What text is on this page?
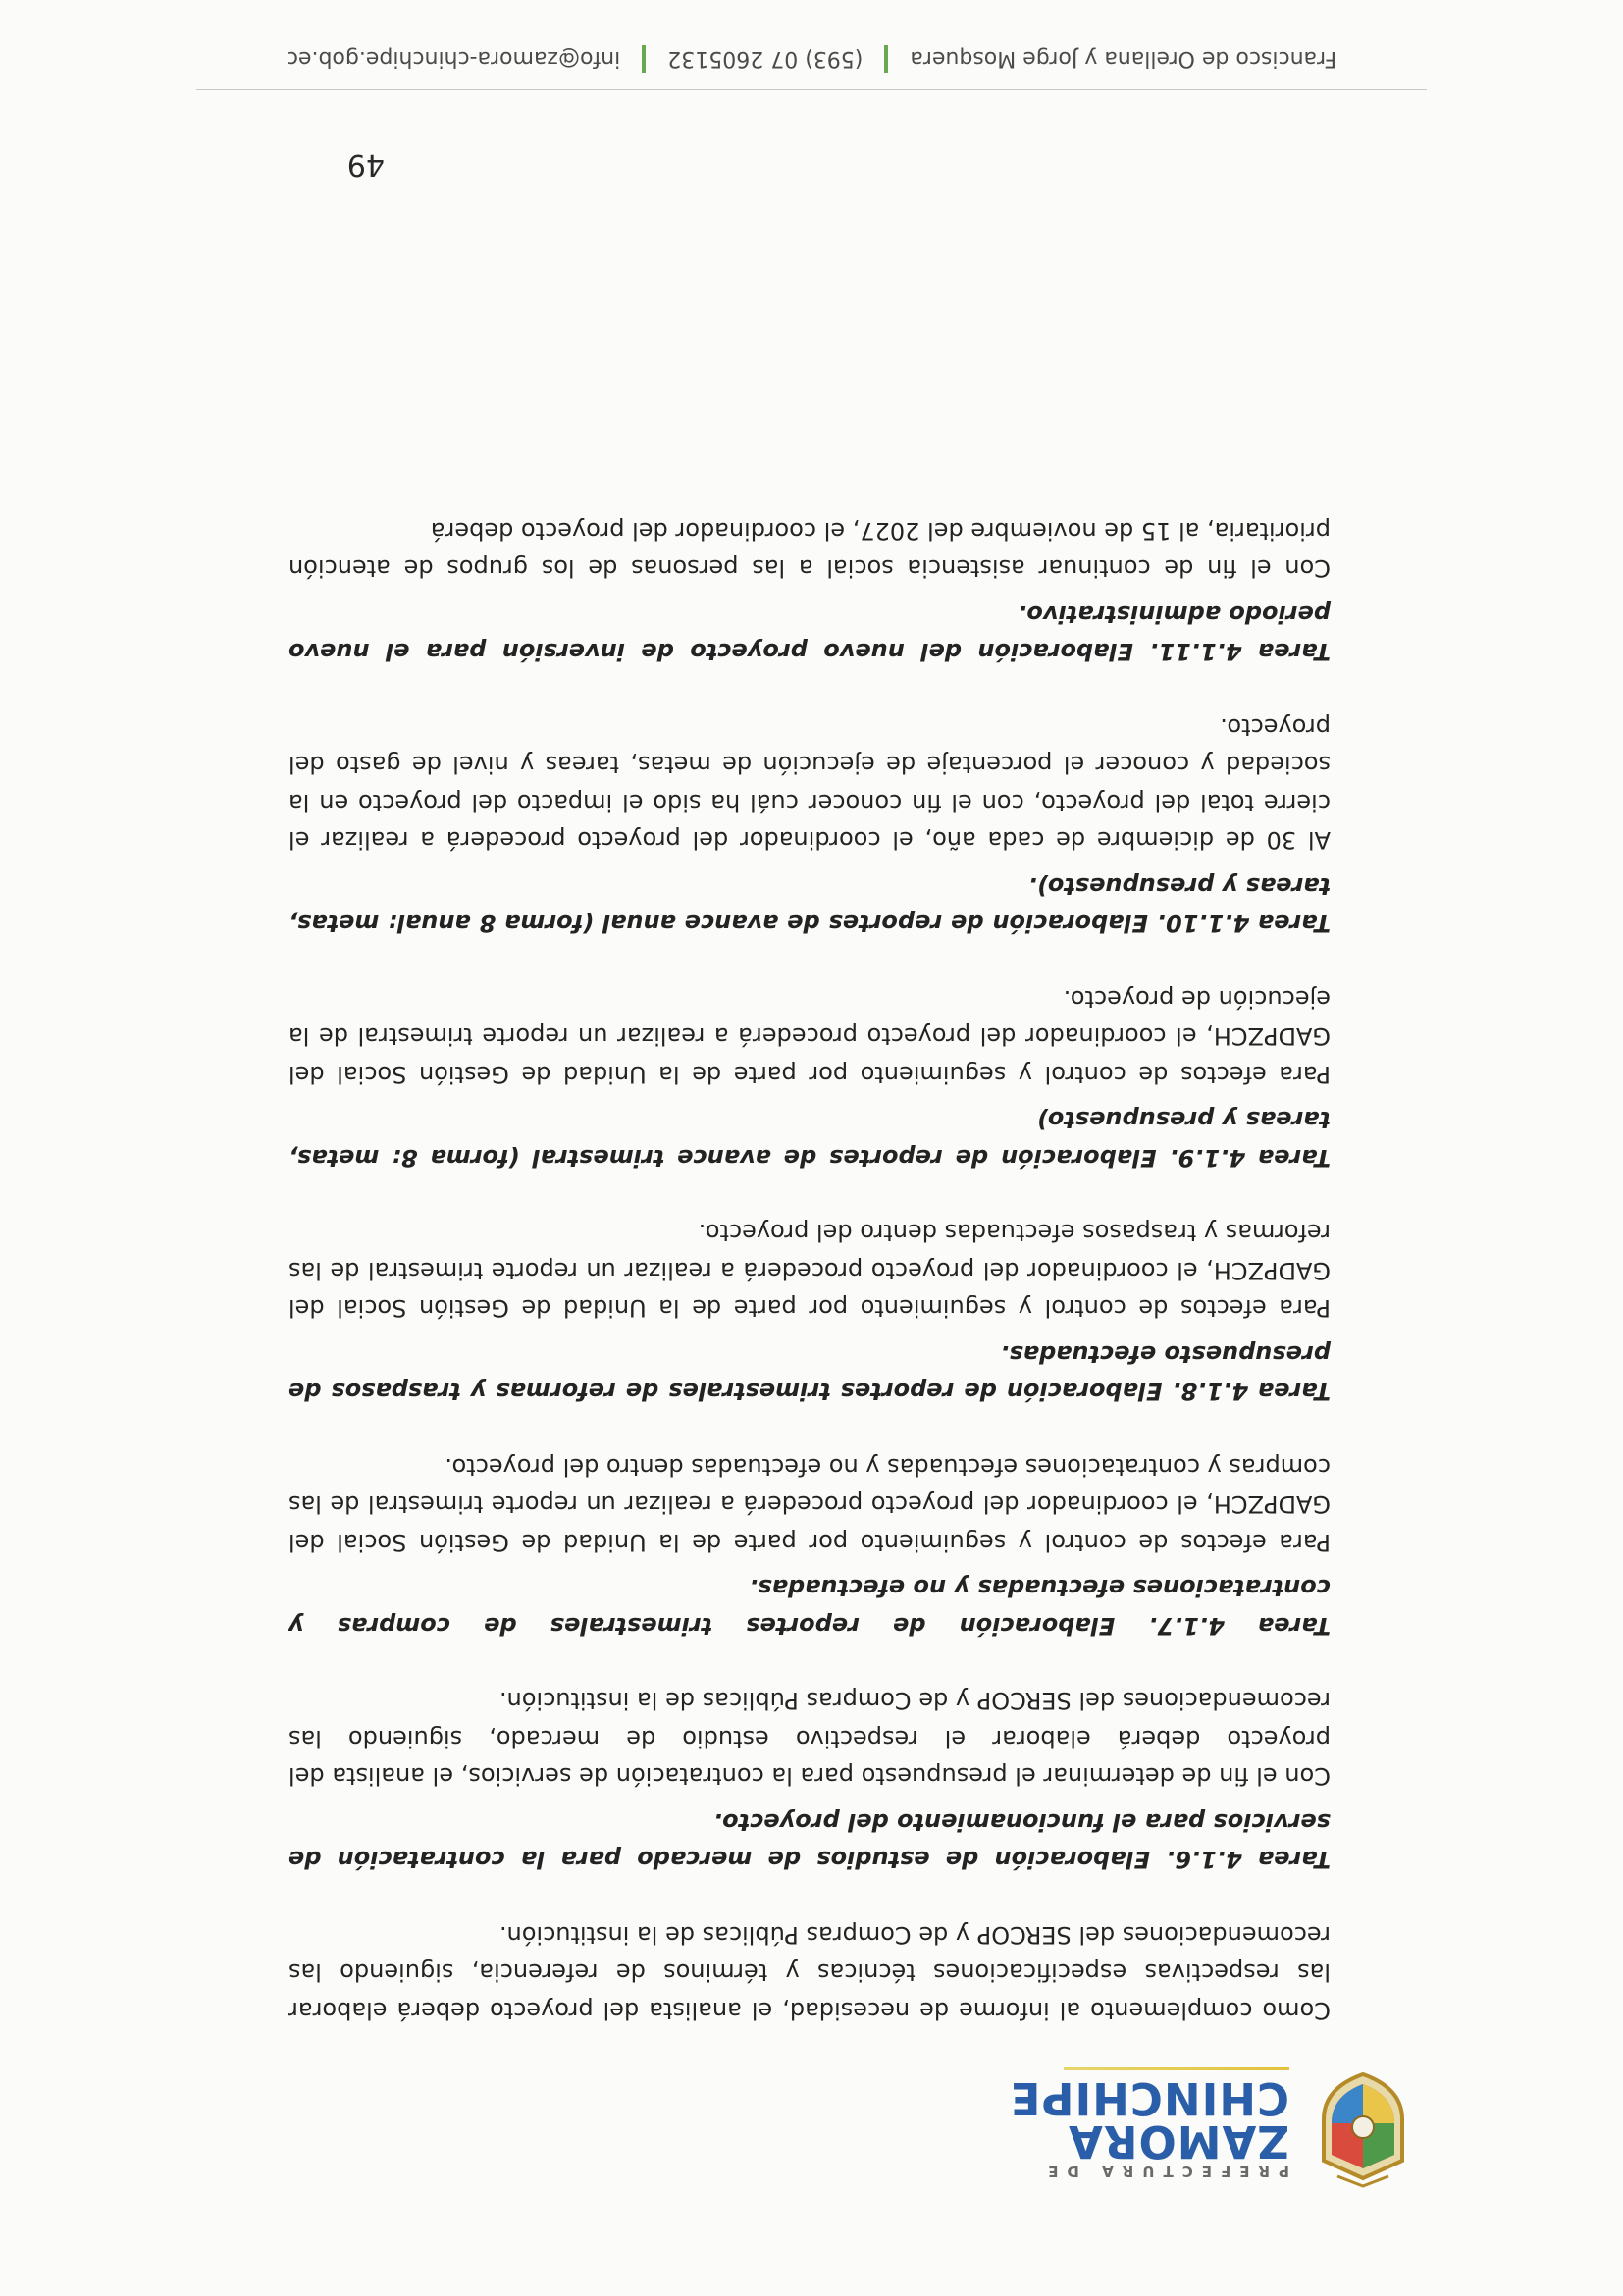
PREFECTURA DE
ZAMORA
CHINCHIPE

Como complemento al informe de necesidad, el analista del proyecto deberá elaborar las respectivas especificaciones técnicas y términos de referencia, siguiendo las recomendaciones del SERCOP y de Compras Públicas de la institución.

Tarea 4.1.6. Elaboración de estudios de mercado para la contratación de servicios para el funcionamiento del proyecto.

Con el fin de determinar el presupuesto para la contratación de servicios, el analista del proyecto deberá elaborar el respectivo estudio de mercado, siguiendo las recomendaciones del SERCOP y de Compras Públicas de la institución.

Tarea 4.1.7. Elaboración de reportes trimestrales de compras y contrataciones efectuadas y no efectuadas.

Para efectos de control y seguimiento por parte de la Unidad de Gestión Social del GADPZCH, el coordinador del proyecto procederá a realizar un reporte trimestral de las compras y contrataciones efectuadas y no efectuadas dentro del proyecto.

Tarea 4.1.8. Elaboración de reportes trimestrales de reformas y traspasos de presupuesto efectuadas.

Para efectos de control y seguimiento por parte de la Unidad de Gestión Social del GADPZCH, el coordinador del proyecto procederá a realizar un reporte trimestral de las reformas y traspasos efectuadas dentro del proyecto.

Tarea 4.1.9. Elaboración de reportes de avance trimestral (forma 8: metas, tareas y presupuesto)

Para efectos de control y seguimiento por parte de la Unidad de Gestión Social del GADPZCH, el coordinador del proyecto procederá a realizar un reporte trimestral de la ejecución de proyecto.

Tarea 4.1.10. Elaboración de reportes de avance anual (forma 8 anual: metas, tareas y presupuesto).

Al 30 de diciembre de cada año, el coordinador del proyecto procederá a realizar el cierre total del proyecto, con el fin conocer cuál ha sido el impacto del proyecto en la sociedad y conocer el porcentaje de ejecución de metas, tareas y nivel de gasto del proyecto.

Tarea 4.1.11. Elaboración del nuevo proyecto de inversión para el nuevo periodo administrativo.

Con el fin de continuar asistencia social a las personas de los grupos de atención prioritaria, al 15 de noviembre del 2027, el coordinador del proyecto deberá

49
Francisco de Orellana y Jorge Mosquera
(593) 07 2605132
info@zamora-chinchipe.gob.ec
